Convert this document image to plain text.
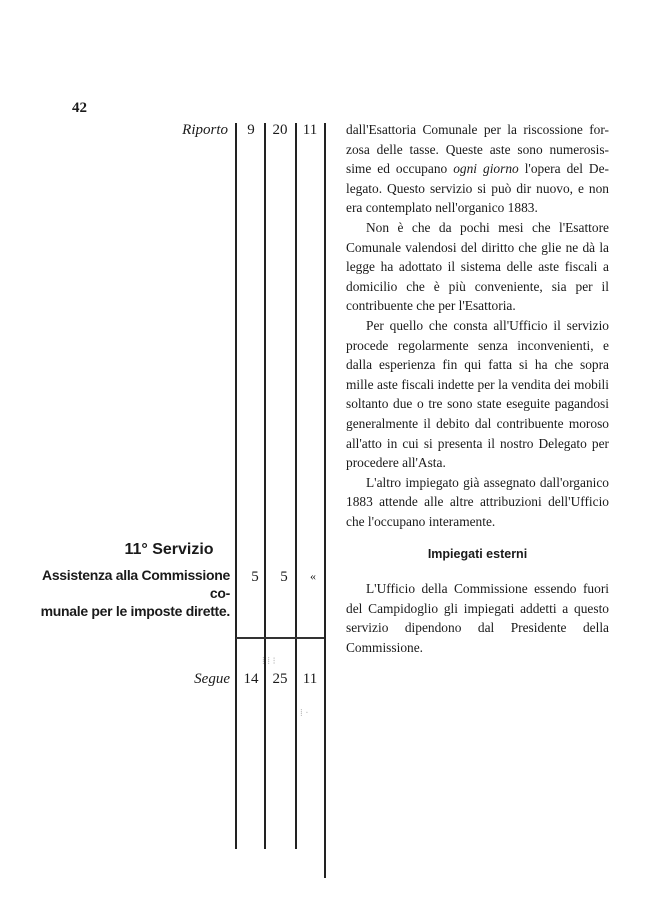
42
⁞ ⁞ ⁝
⁞ ·
Riporto	9	20	11
11° Servizio
Assistenza alla Commissione co-
munale per le imposte dirette.
5	5	«
Segue 14 25	11

dall'Esattoria Comunale per la riscossione for- zosa delle tasse. Queste aste sono numerosis- sime ed occupano ogni giorno l'opera del De- legato. Questo servizio si può dir nuovo, e non era contemplato nell'organico 1883.

Non è che da pochi mesi che l'Esattore Comunale valendosi del diritto che glie ne dà la legge ha adottato il sistema delle aste fiscali a domicilio che è più conveniente, sia per il contribuente che per l'Esattoria.

Per quello che consta all'Ufficio il servizio procede regolarmente senza inconvenienti, e dalla esperienza fin qui fatta si ha che sopra mille aste fiscali indette per la vendita dei mobili soltanto due o tre sono state eseguite pagandosi generalmente il debito dal contribuente moroso all'atto in cui si presenta il nostro Delegato per procedere all'Asta.

L'altro impiegato già assegnato dall'organico 1883 attende alle altre attribuzioni dell'Ufficio che l'occupano interamente.

Impiegati esterni

L'Ufficio della Commissione essendo fuori del Campidoglio gli impiegati addetti a questo servizio dipendono dal Presidente della Commissione.
